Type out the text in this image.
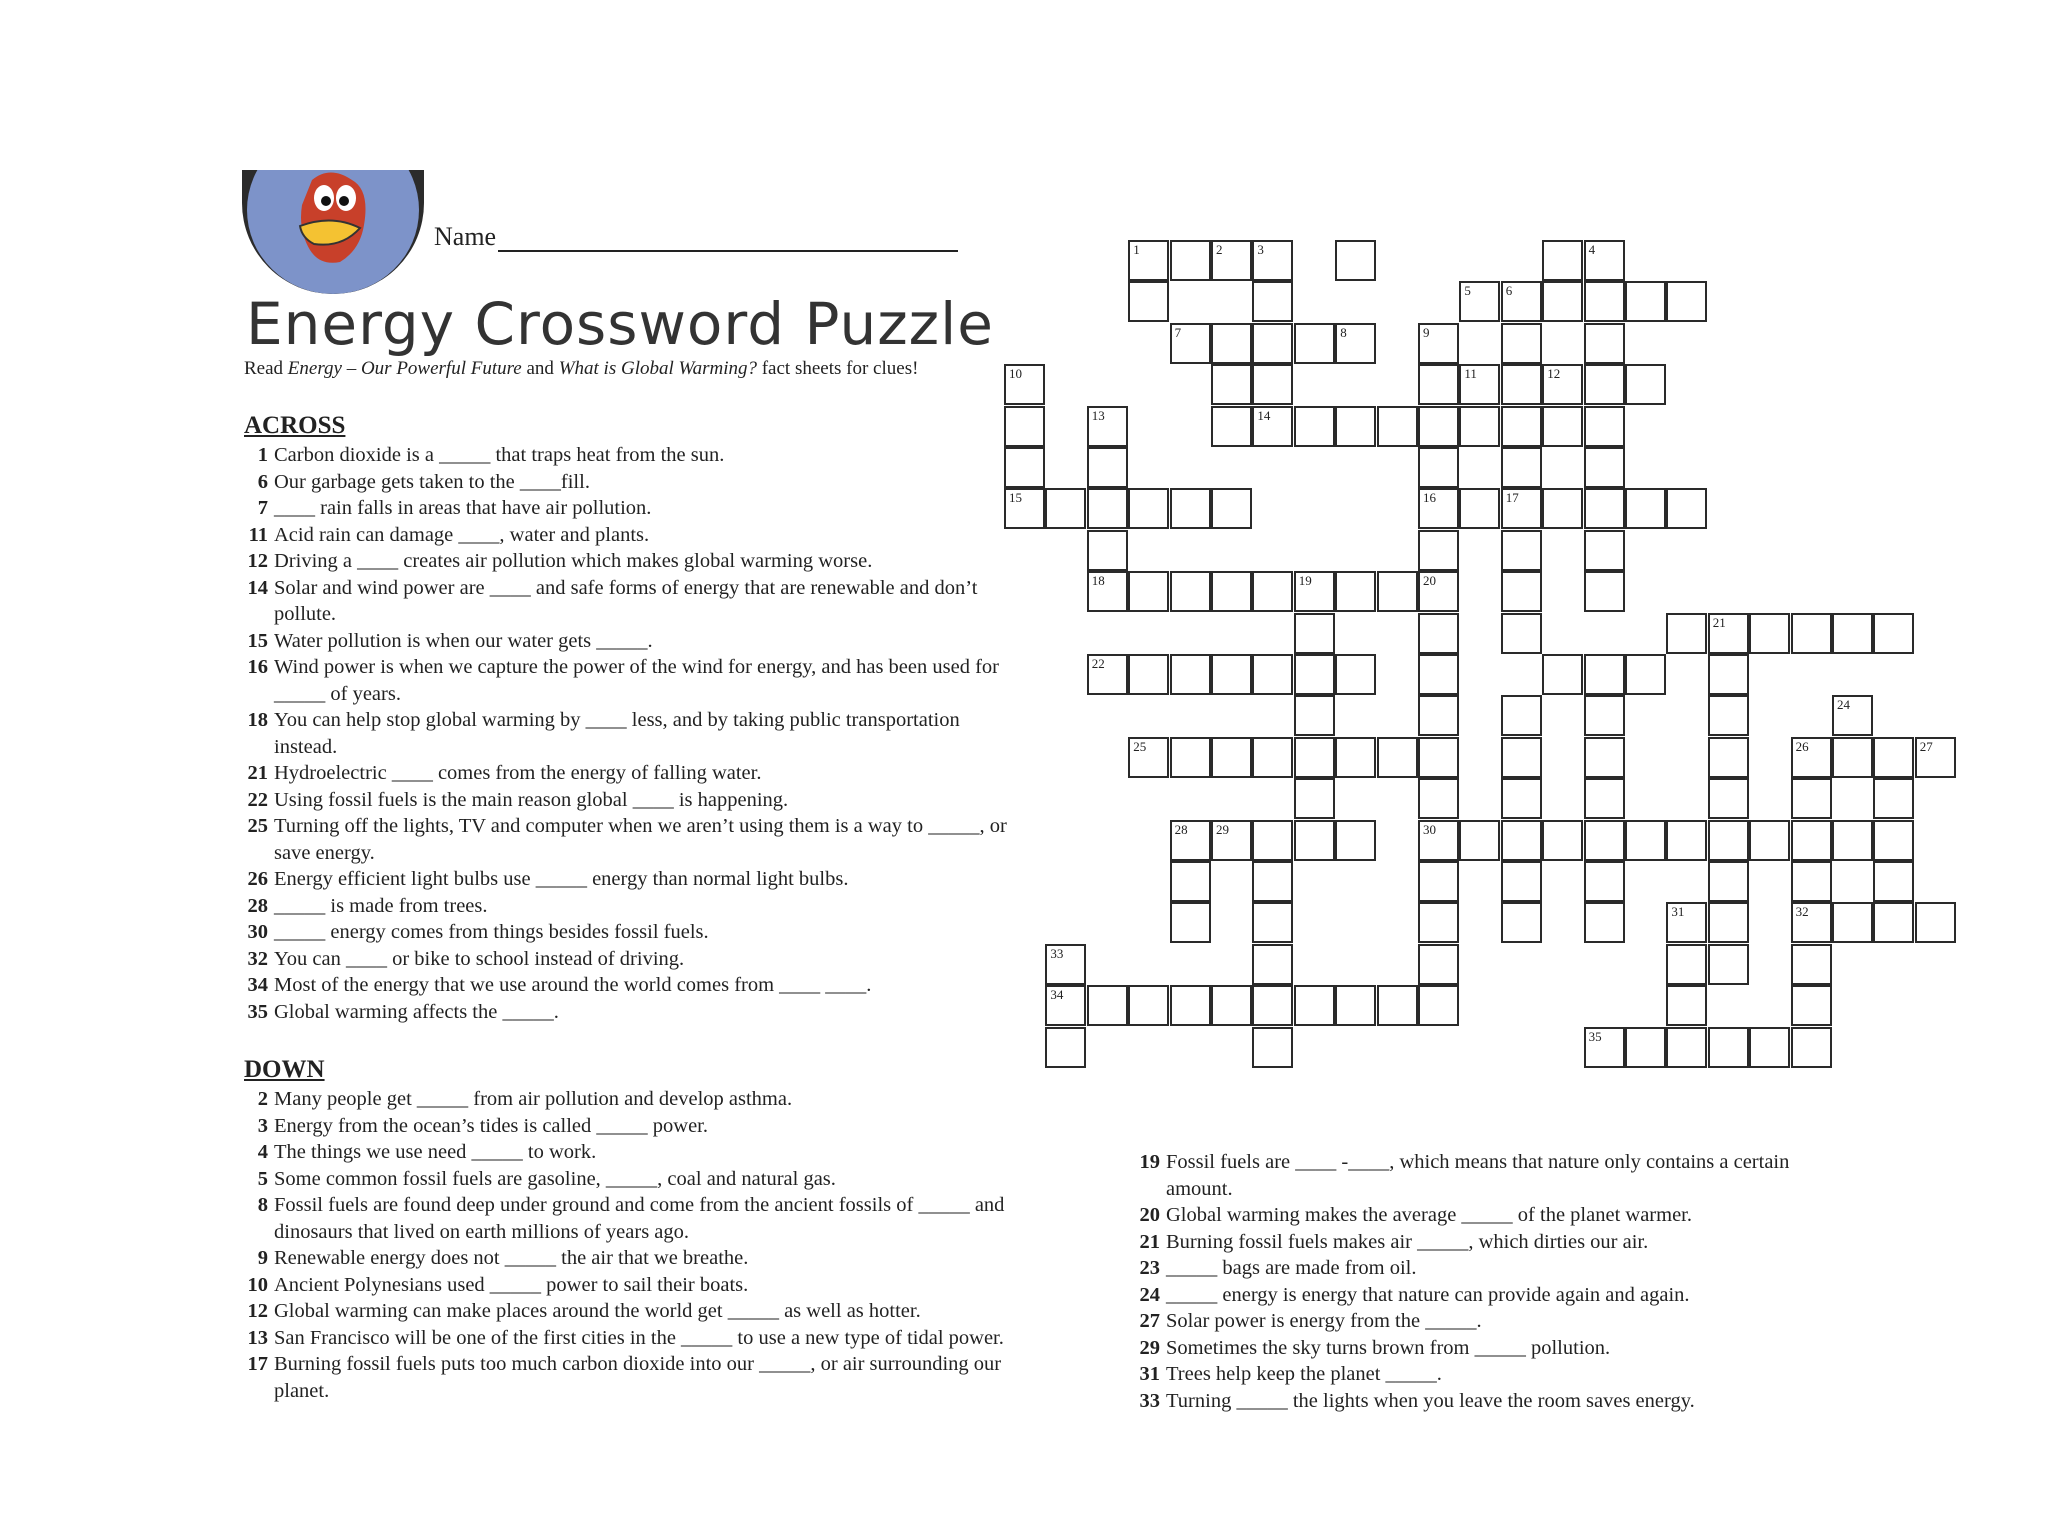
Name
Energy Crossword Puzzle
Read Energy – Our Powerful Future and What is Global Warming? fact sheets for clues!
ACROSS
1 Carbon dioxide is a _____ that traps heat from the sun.
6 Our garbage gets taken to the ____fill.
7 ____ rain falls in areas that have air pollution.
11 Acid rain can damage ____, water and plants.
12 Driving a ____ creates air pollution which makes global warming worse.
14 Solar and wind power are ____ and safe forms of energy that are renewable and don’t pollute.
15 Water pollution is when our water gets _____.
16 Wind power is when we capture the power of the wind for energy, and has been used for _____ of years.
18 You can help stop global warming by ____ less, and by taking public transportation instead.
21 Hydroelectric ____ comes from the energy of falling water.
22 Using fossil fuels is the main reason global ____ is happening.
25 Turning off the lights, TV and computer when we aren’t using them is a way to _____, or save energy.
26 Energy efficient light bulbs use _____ energy than normal light bulbs.
28 _____ is made from trees.
30 _____ energy comes from things besides fossil fuels.
32 You can ____ or bike to school instead of driving.
34 Most of the energy that we use around the world comes from ____ ____.
35 Global warming affects the _____.
DOWN
2 Many people get _____ from air pollution and develop asthma.
3 Energy from the ocean’s tides is called _____ power.
4 The things we use need _____ to work.
5 Some common fossil fuels are gasoline, _____, coal and natural gas.
8 Fossil fuels are found deep under ground and come from the ancient fossils of _____ and dinosaurs that lived on earth millions of years ago.
9 Renewable energy does not _____ the air that we breathe.
10 Ancient Polynesians used _____ power to sail their boats.
12 Global warming can make places around the world get _____ as well as hotter.
13 San Francisco will be one of the first cities in the _____ to use a new type of tidal power.
17 Burning fossil fuels puts too much carbon dioxide into our _____, or air surrounding our planet.
19 Fossil fuels are ____ -____, which means that nature only contains a certain amount.
20 Global warming makes the average _____ of the planet warmer.
21 Burning fossil fuels makes air _____, which dirties our air.
23 _____ bags are made from oil.
24 _____ energy is energy that nature can provide again and again.
27 Solar power is energy from the _____.
29 Sometimes the sky turns brown from _____ pollution.
31 Trees help keep the planet _____.
33 Turning _____ the lights when you leave the room saves energy.
1	2	3	4
5	6
7	8	9
10	11	12
13	14
15	16	17
18	19	20
21
22
24
25	26	27
28 29	30
31	32
33
34
35
